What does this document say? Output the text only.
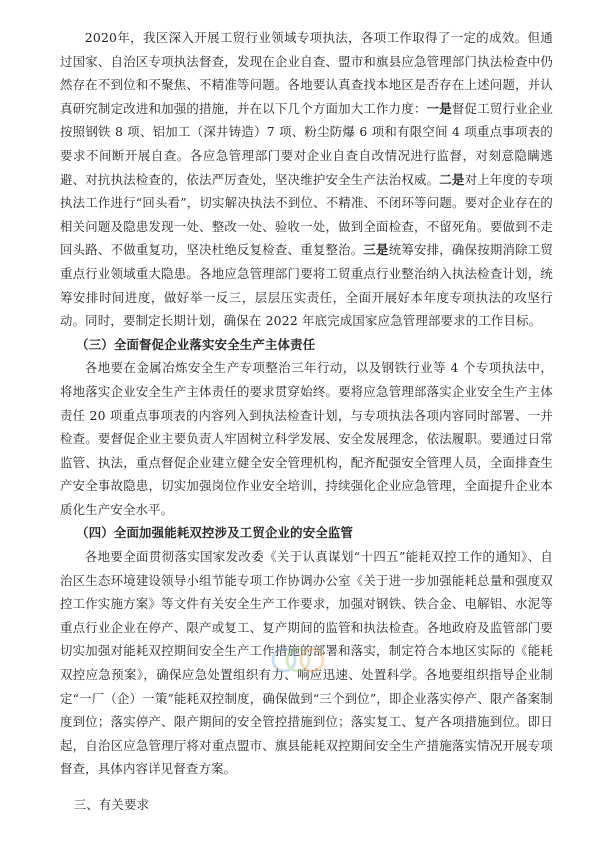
2020年，我区深入开展工贸行业领域专项执法，各项工作取得了一定的成效。但通过国家、自治区专项执法督查，发现在企业自查、盟市和旗县应急管理部门执法检查中仍然存在不到位和不聚焦、不精准等问题。各地要认真查找本地区是否存在上述问题，并认真研究制定改进和加强的措施，并在以下几个方面加大工作力度：一是督促工贸行业企业按照钢铁 8 项、铝加工（深井铸造）7 项、粉尘防爆 6 项和有限空间 4 项重点事项表的要求不间断开展自查。各应急管理部门要对企业自查自改情况进行监督，对刻意隐瞒逃避、对抗执法检查的，依法严厉查处，坚决维护安全生产法治权威。二是对上年度的专项执法工作进行“回头看”，切实解决执法不到位、不精准、不闭环等问题。要对企业存在的相关问题及隐患发现一处、整改一处、验收一处，做到全面检查，不留死角。要做到不走回头路、不做重复功，坚决杜绝反复检查、重复整治。三是统筹安排，确保按期消除工贸重点行业领域重大隐患。各地应急管理部门要将工贸重点行业整治纳入执法检查计划，统筹安排时间进度，做好举一反三，层层压实责任，全面开展好本年度专项执法的攻坚行动。同时，要制定长期计划，确保在 2022 年底完成国家应急管理部要求的工作目标。

（三）全面督促企业落实安全生产主体责任

各地要在金属冶炼安全生产专项整治三年行动，以及钢铁行业等 4 个专项执法中，将地落实企业安全生产主体责任的要求贯穿始终。要将应急管理部落实企业安全生产主体责任 20 项重点事项表的内容列入到执法检查计划，与专项执法各项内容同时部署、一并检查。要督促企业主要负责人牢固树立科学发展、安全发展理念，依法履职。要通过日常监管、执法，重点督促企业建立健全安全管理机构，配齐配强安全管理人员，全面排查生产安全事故隐患，切实加强岗位作业安全培训，持续强化企业应急管理，全面提升企业本质化生产安全水平。

（四）全面加强能耗双控涉及工贸企业的安全监管

各地要全面贯彻落实国家发改委《关于认真谋划“十四五”能耗双控工作的通知》、自治区生态环境建设领导小组节能专项工作协调办公室《关于进一步加强能耗总量和强度双控工作实施方案》等文件有关安全生产工作要求，加强对钢铁、铁合金、电解铝、水泥等重点行业企业在停产、限产或复工、复产期间的监管和执法检查。各地政府及监管部门要切实加强对能耗双控期间安全生产工作措施的部署和落实，制定符合本地区实际的《能耗双控应急预案》，确保应急处置组织有力、响应迅速、处置科学。各地要组织指导企业制定“一厂（企）一策”能耗双控制度，确保做到“三个到位”，即企业落实停产、限产备案制度到位；落实停产、限产期间的安全管控措施到位；落实复工、复产各项措施到位。即日起，自治区应急管理厅将对重点盟市、旗县能耗双控期间安全生产措施落实情况开展专项督查，具体内容详见督查方案。

三、有关要求
